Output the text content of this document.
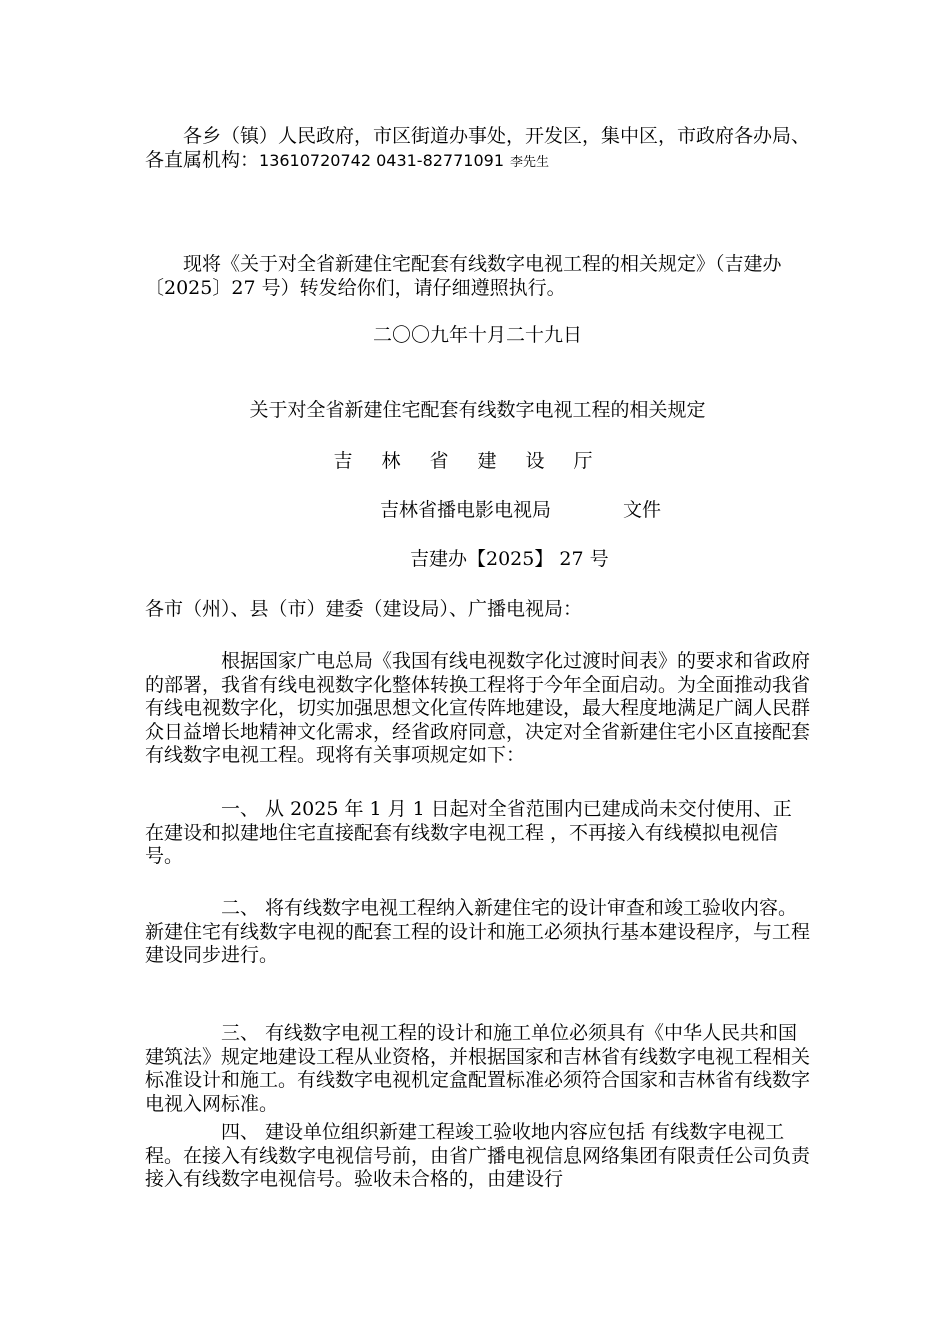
各乡（镇）人民政府，市区街道办事处，开发区，集中区，市政府各办局、各直属机构：13610720742 0431-82771091 李先生
现将《关于对全省新建住宅配套有线数字电视工程的相关规定》（吉建办〔2025〕27 号）转发给你们，请仔细遵照执行。
二〇〇九年十月二十九日
关于对全省新建住宅配套有线数字电视工程的相关规定
吉林省建设厅
吉林省播电影电视局	文件
吉建办【2025】 27 号
各市（州）、县（市）建委（建设局）、广播电视局：
根据国家广电总局《我国有线电视数字化过渡时间表》的要求和省政府的部署，我省有线电视数字化整体转换工程将于今年全面启动。为全面推动我省有线电视数字化，切实加强思想文化宣传阵地建设，最大程度地满足广阔人民群众日益增长地精神文化需求，经省政府同意，决定对全省新建住宅小区直接配套有线数字电视工程。现将有关事项规定如下：
一、 从 2025 年 1 月 1 日起对全省范围内已建成尚未交付使用、正在建设和拟建地住宅直接配套有线数字电视工程 ，不再接入有线模拟电视信号。
二、 将有线数字电视工程纳入新建住宅的设计审查和竣工验收内容。新建住宅有线数字电视的配套工程的设计和施工必须执行基本建设程序，与工程建设同步进行。
三、 有线数字电视工程的设计和施工单位必须具有《中华人民共和国建筑法》规定地建设工程从业资格，并根据国家和吉林省有线数字电视工程相关标准设计和施工。有线数字电视机定盒配置标准必须符合国家和吉林省有线数字电视入网标准。
四、 建设单位组织新建工程竣工验收地内容应包括 有线数字电视工程。在接入有线数字电视信号前，由省广播电视信息网络集团有限责任公司负责接入有线数字电视信号。验收未合格的，由建设行
